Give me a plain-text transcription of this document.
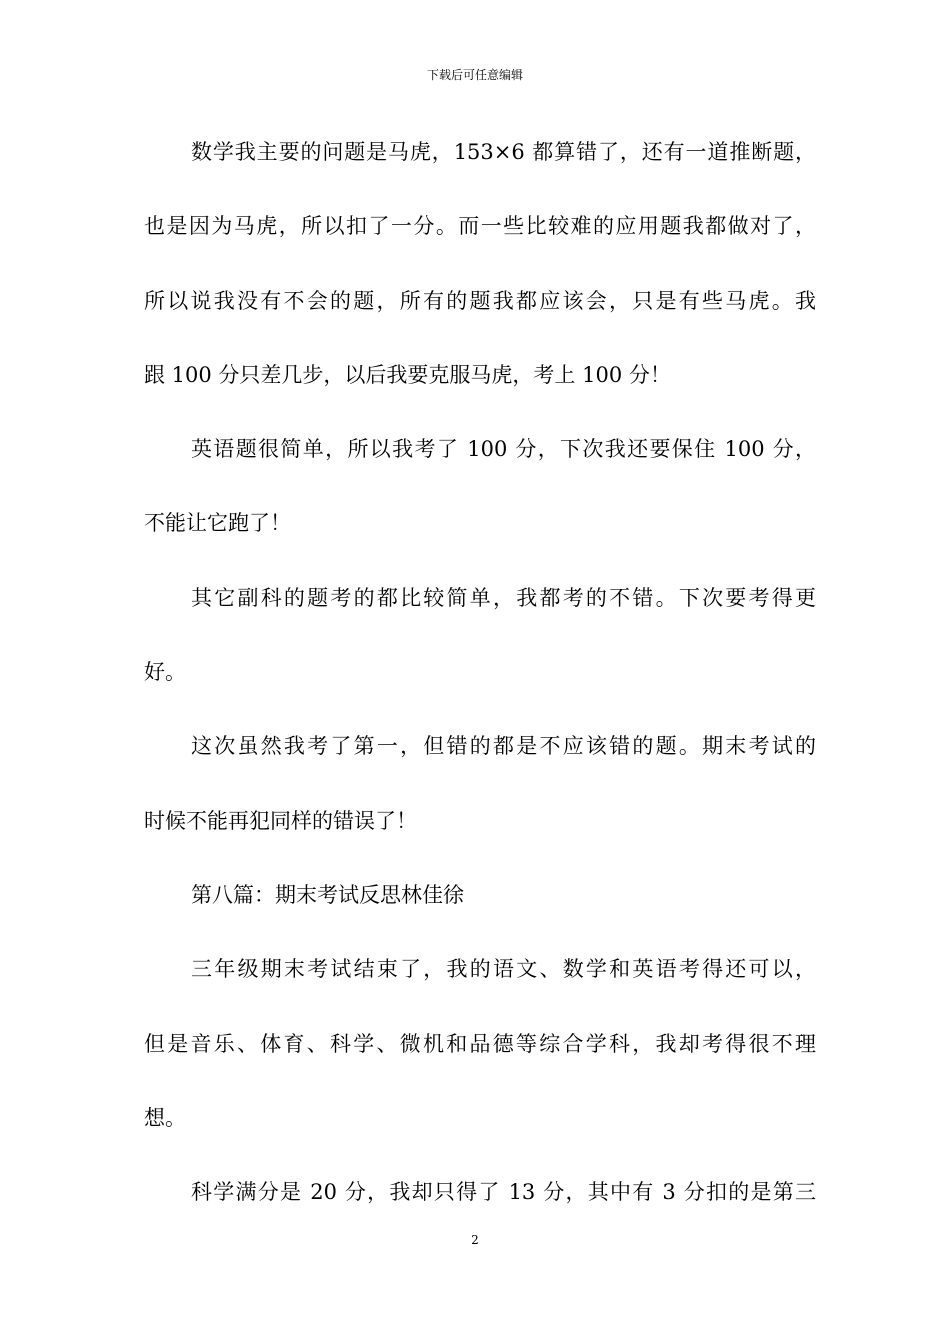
下载后可任意编辑
数学我主要的问题是马虎，153×6 都算错了，还有一道推断题，
也是因为马虎，所以扣了一分。而一些比较难的应用题我都做对了，
所以说我没有不会的题，所有的题我都应该会，只是有些马虎。我
跟 100 分只差几步，以后我要克服马虎，考上 100 分！
英语题很简单，所以我考了 100 分，下次我还要保住 100 分，
不能让它跑了！
其它副科的题考的都比较简单，我都考的不错。下次要考得更
好。
这次虽然我考了第一，但错的都是不应该错的题。期末考试的
时候不能再犯同样的错误了！
第八篇：期末考试反思林佳徐
三年级期末考试结束了，我的语文、数学和英语考得还可以，
但是音乐、体育、科学、微机和品德等综合学科，我却考得很不理
想。
科学满分是 20 分，我却只得了 13 分，其中有 3 分扣的是第三
2
